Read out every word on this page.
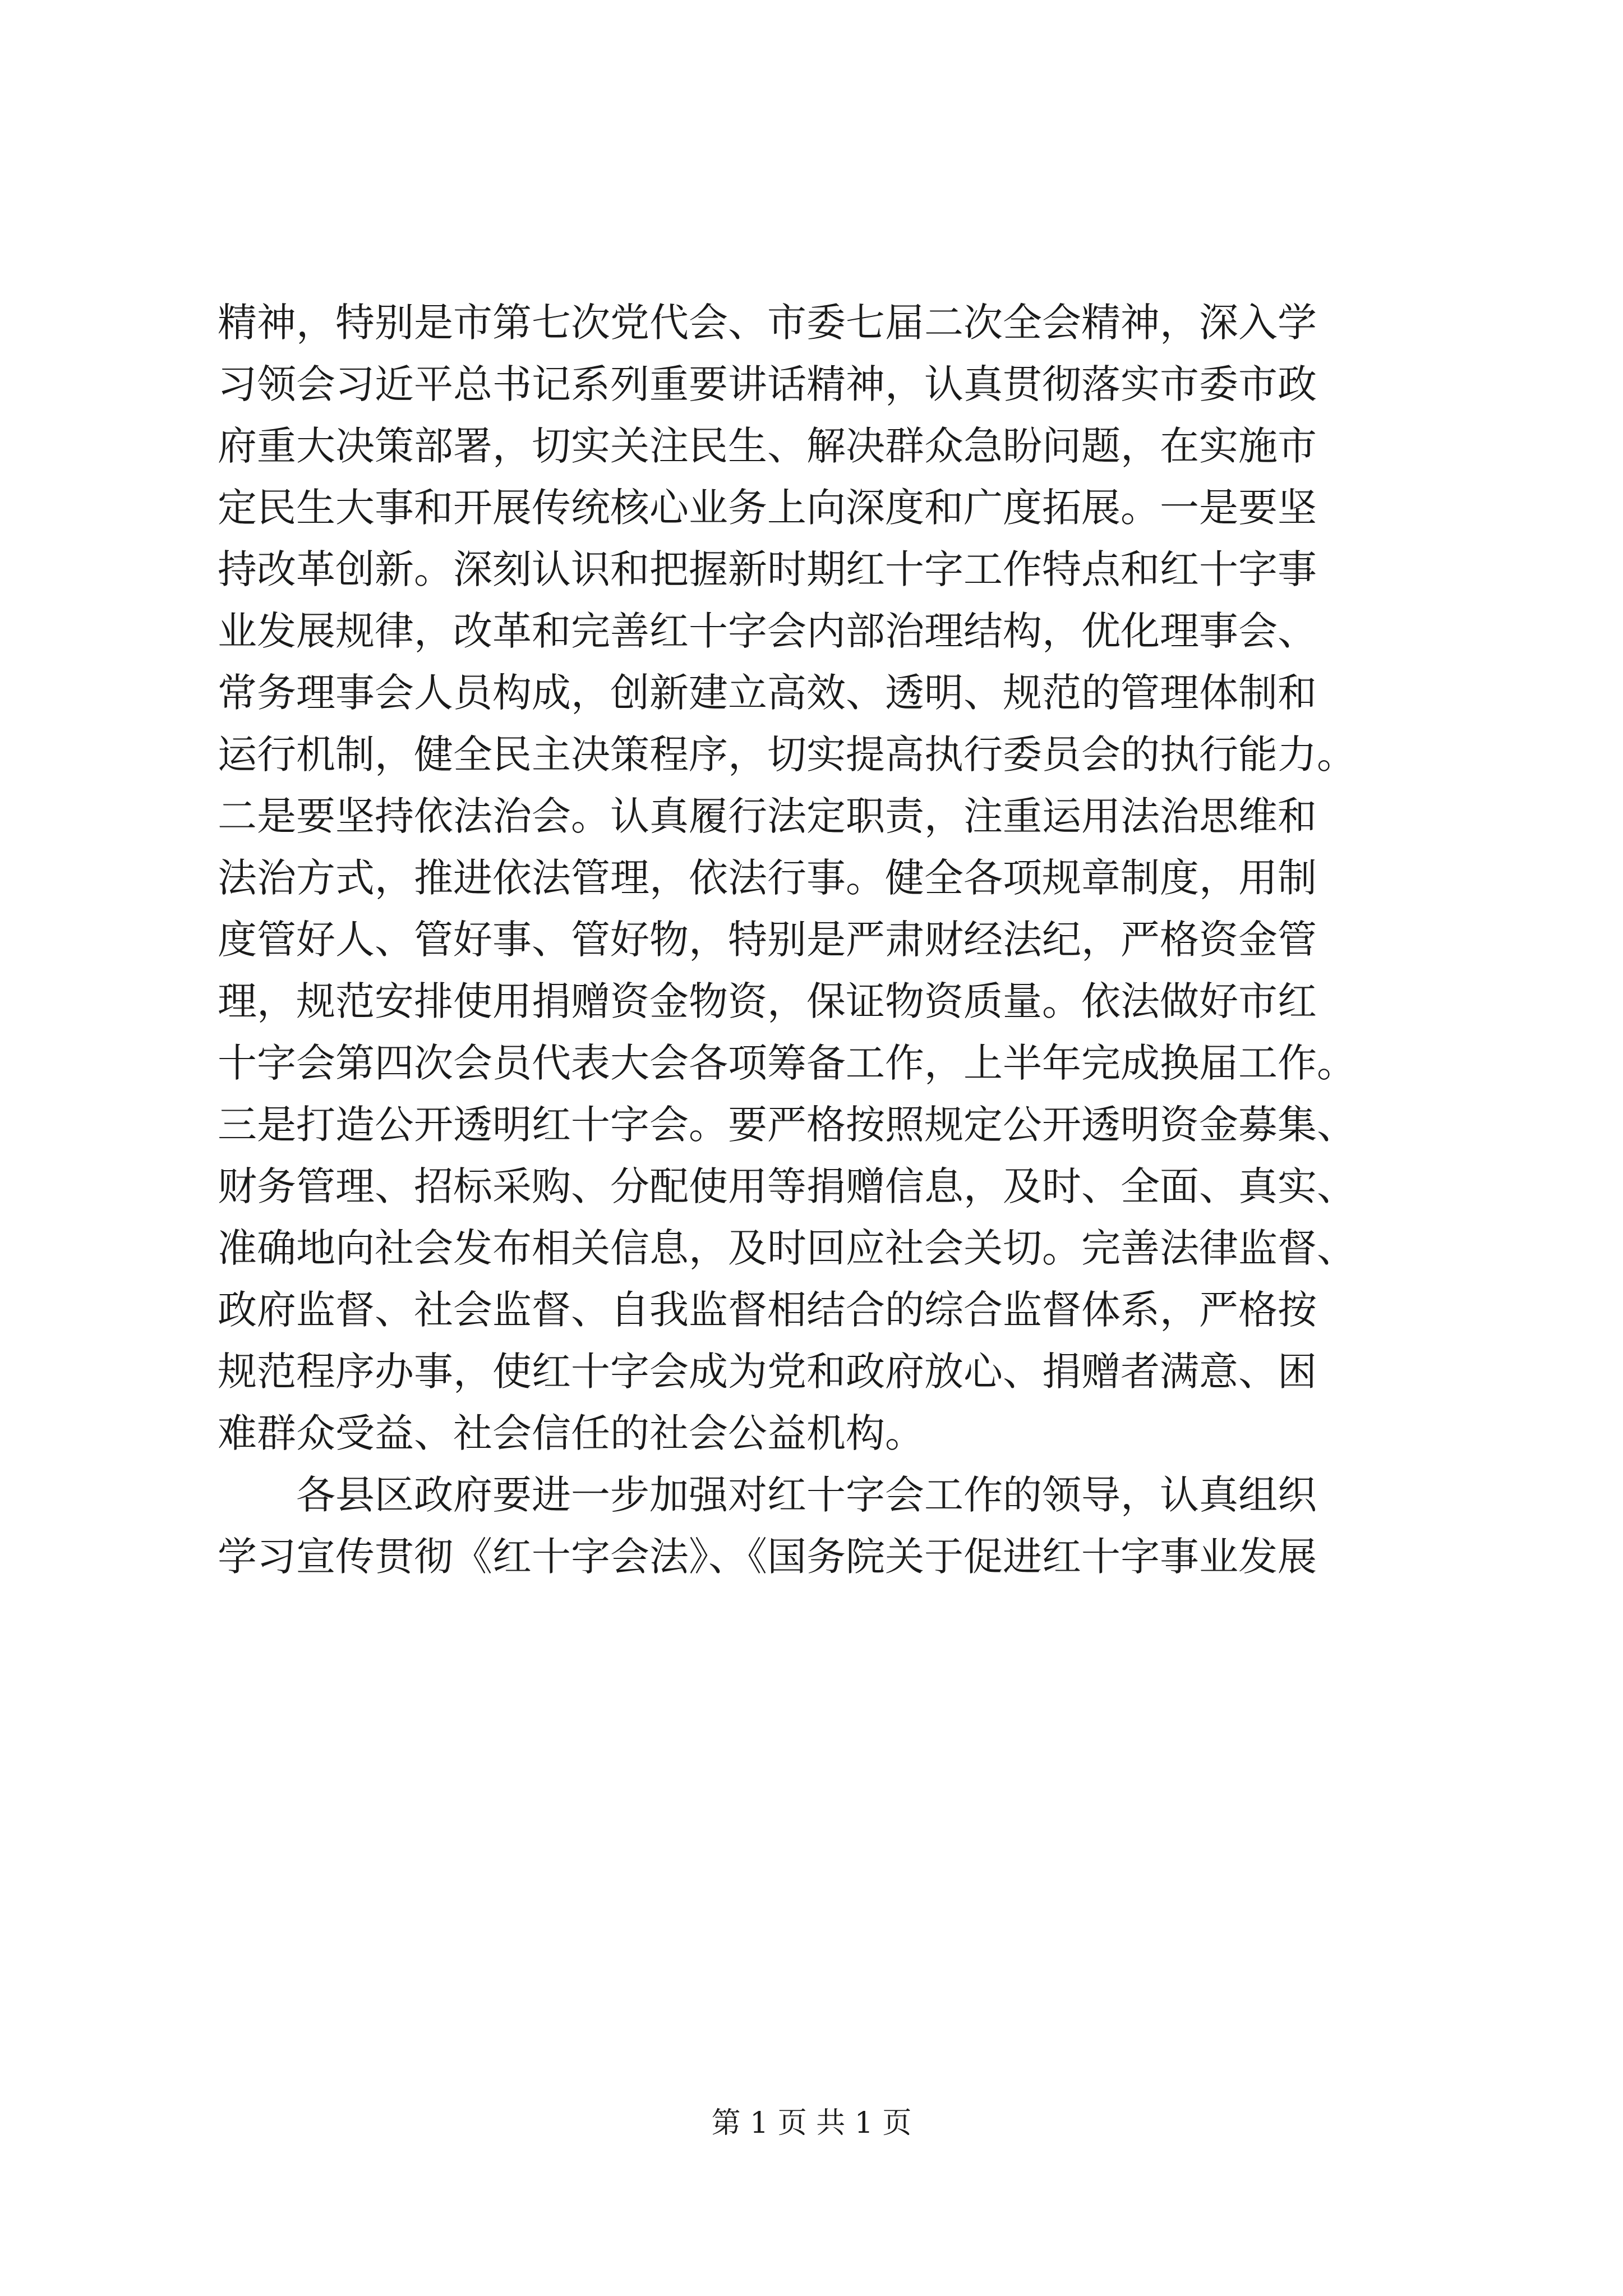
精神，特别是市第七次党代会、市委七届二次全会精神，深入学
习领会习近平总书记系列重要讲话精神，认真贯彻落实市委市政
府重大决策部署，切实关注民生、解决群众急盼问题，在实施市
定民生大事和开展传统核心业务上向深度和广度拓展。一是要坚
持改革创新。深刻认识和把握新时期红十字工作特点和红十字事
业发展规律，改革和完善红十字会内部治理结构，优化理事会、
常务理事会人员构成，创新建立高效、透明、规范的管理体制和
运行机制，健全民主决策程序，切实提高执行委员会的执行能力。
二是要坚持依法治会。认真履行法定职责，注重运用法治思维和
法治方式，推进依法管理，依法行事。健全各项规章制度，用制
度管好人、管好事、管好物，特别是严肃财经法纪，严格资金管
理，规范安排使用捐赠资金物资，保证物资质量。依法做好市红
十字会第四次会员代表大会各项筹备工作，上半年完成换届工作。
三是打造公开透明红十字会。要严格按照规定公开透明资金募集、
财务管理、招标采购、分配使用等捐赠信息，及时、全面、真实、
准确地向社会发布相关信息，及时回应社会关切。完善法律监督、
政府监督、社会监督、自我监督相结合的综合监督体系，严格按
规范程序办事，使红十字会成为党和政府放心、捐赠者满意、困
难群众受益、社会信任的社会公益机构。

各县区政府要进一步加强对红十字会工作的领导，认真组织
学习宣传贯彻《红十字会法》、《国务院关于促进红十字事业发展

第 1 页 共 1 页
